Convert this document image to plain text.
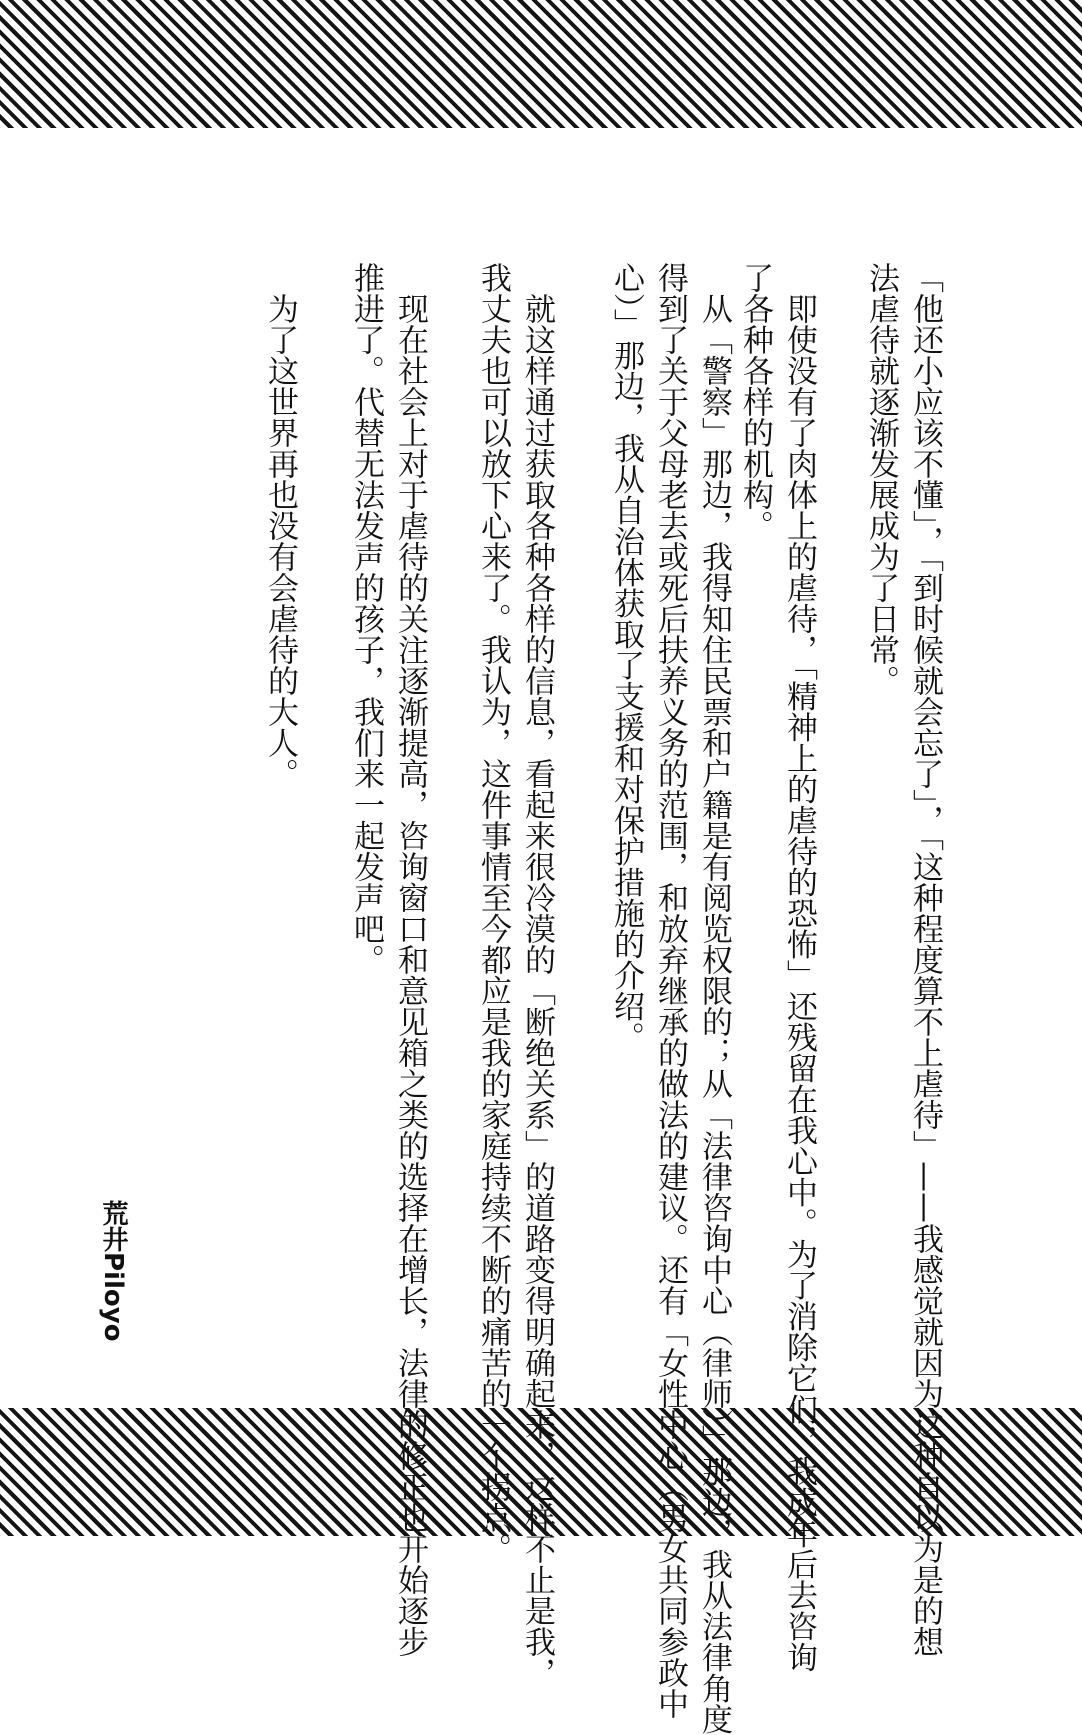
「他还小应该不懂」，「到时候就会忘了」，「这种程度算不上虐待」——我感觉就因为这种自以为是的想
法虐待就逐渐发展成为了日常。

　即使没有了肉体上的虐待，「精神上的虐待的恐怖」还残留在我心中。为了消除它们，我成年后去咨询
了各种各样的机构。

　从「警察」那边，我得知住民票和户籍是有阅览权限的；从「法律咨询中心（律师）」那边，我从法律角度
得到了关于父母老去或死后扶养义务的范围，和放弃继承的做法的建议。还有「女性中心（男女共同参政中
心）」那边，我从自治体获取了支援和对保护措施的介绍。

　就这样通过获取各种各样的信息，看起来很冷漠的「断绝关系」的道路变得明确起来，这样不止是我，
我丈夫也可以放下心来了。我认为，这件事情至今都应是我的家庭持续不断的痛苦的一个拐点。

　现在社会上对于虐待的关注逐渐提高，咨询窗口和意见箱之类的选择在增长，法律的修正也开始逐步
推进了。代替无法发声的孩子，我们来一起发声吧。

　为了这世界再也没有会虐待的大人。

荒井Piloyo
